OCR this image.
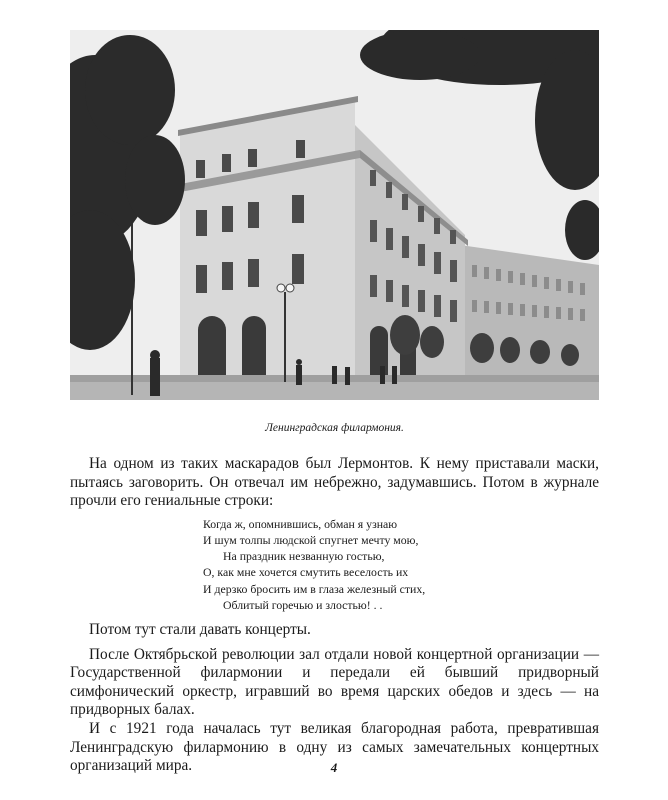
Ленинградская филармония.

На одном из таких маскарадов был Лермонтов. К нему приставали маски, пытаясь заговорить. Он отвечал им небрежно, задумавшись. Потом в журнале прочли его гениальные строки:

Когда ж, опомнившись, обман я узнаю
И шум толпы людской спугнет мечту мою,
На праздник незванную гостью,
О, как мне хочется смутить веселость их
И дерзко бросить им в глаза железный стих,
Облитый горечью и злостью! . .

Потом тут стали давать концерты.

После Октябрьской революции зал отдали новой концертной организации — Государственной филармонии и передали ей бывший придворный симфонический оркестр, игравший во время царских обедов и здесь — на придворных балах.

И с 1921 года началась тут великая благородная работа, превратившая Ленинградскую филармонию в одну из самых замечательных концертных организаций мира.	4
